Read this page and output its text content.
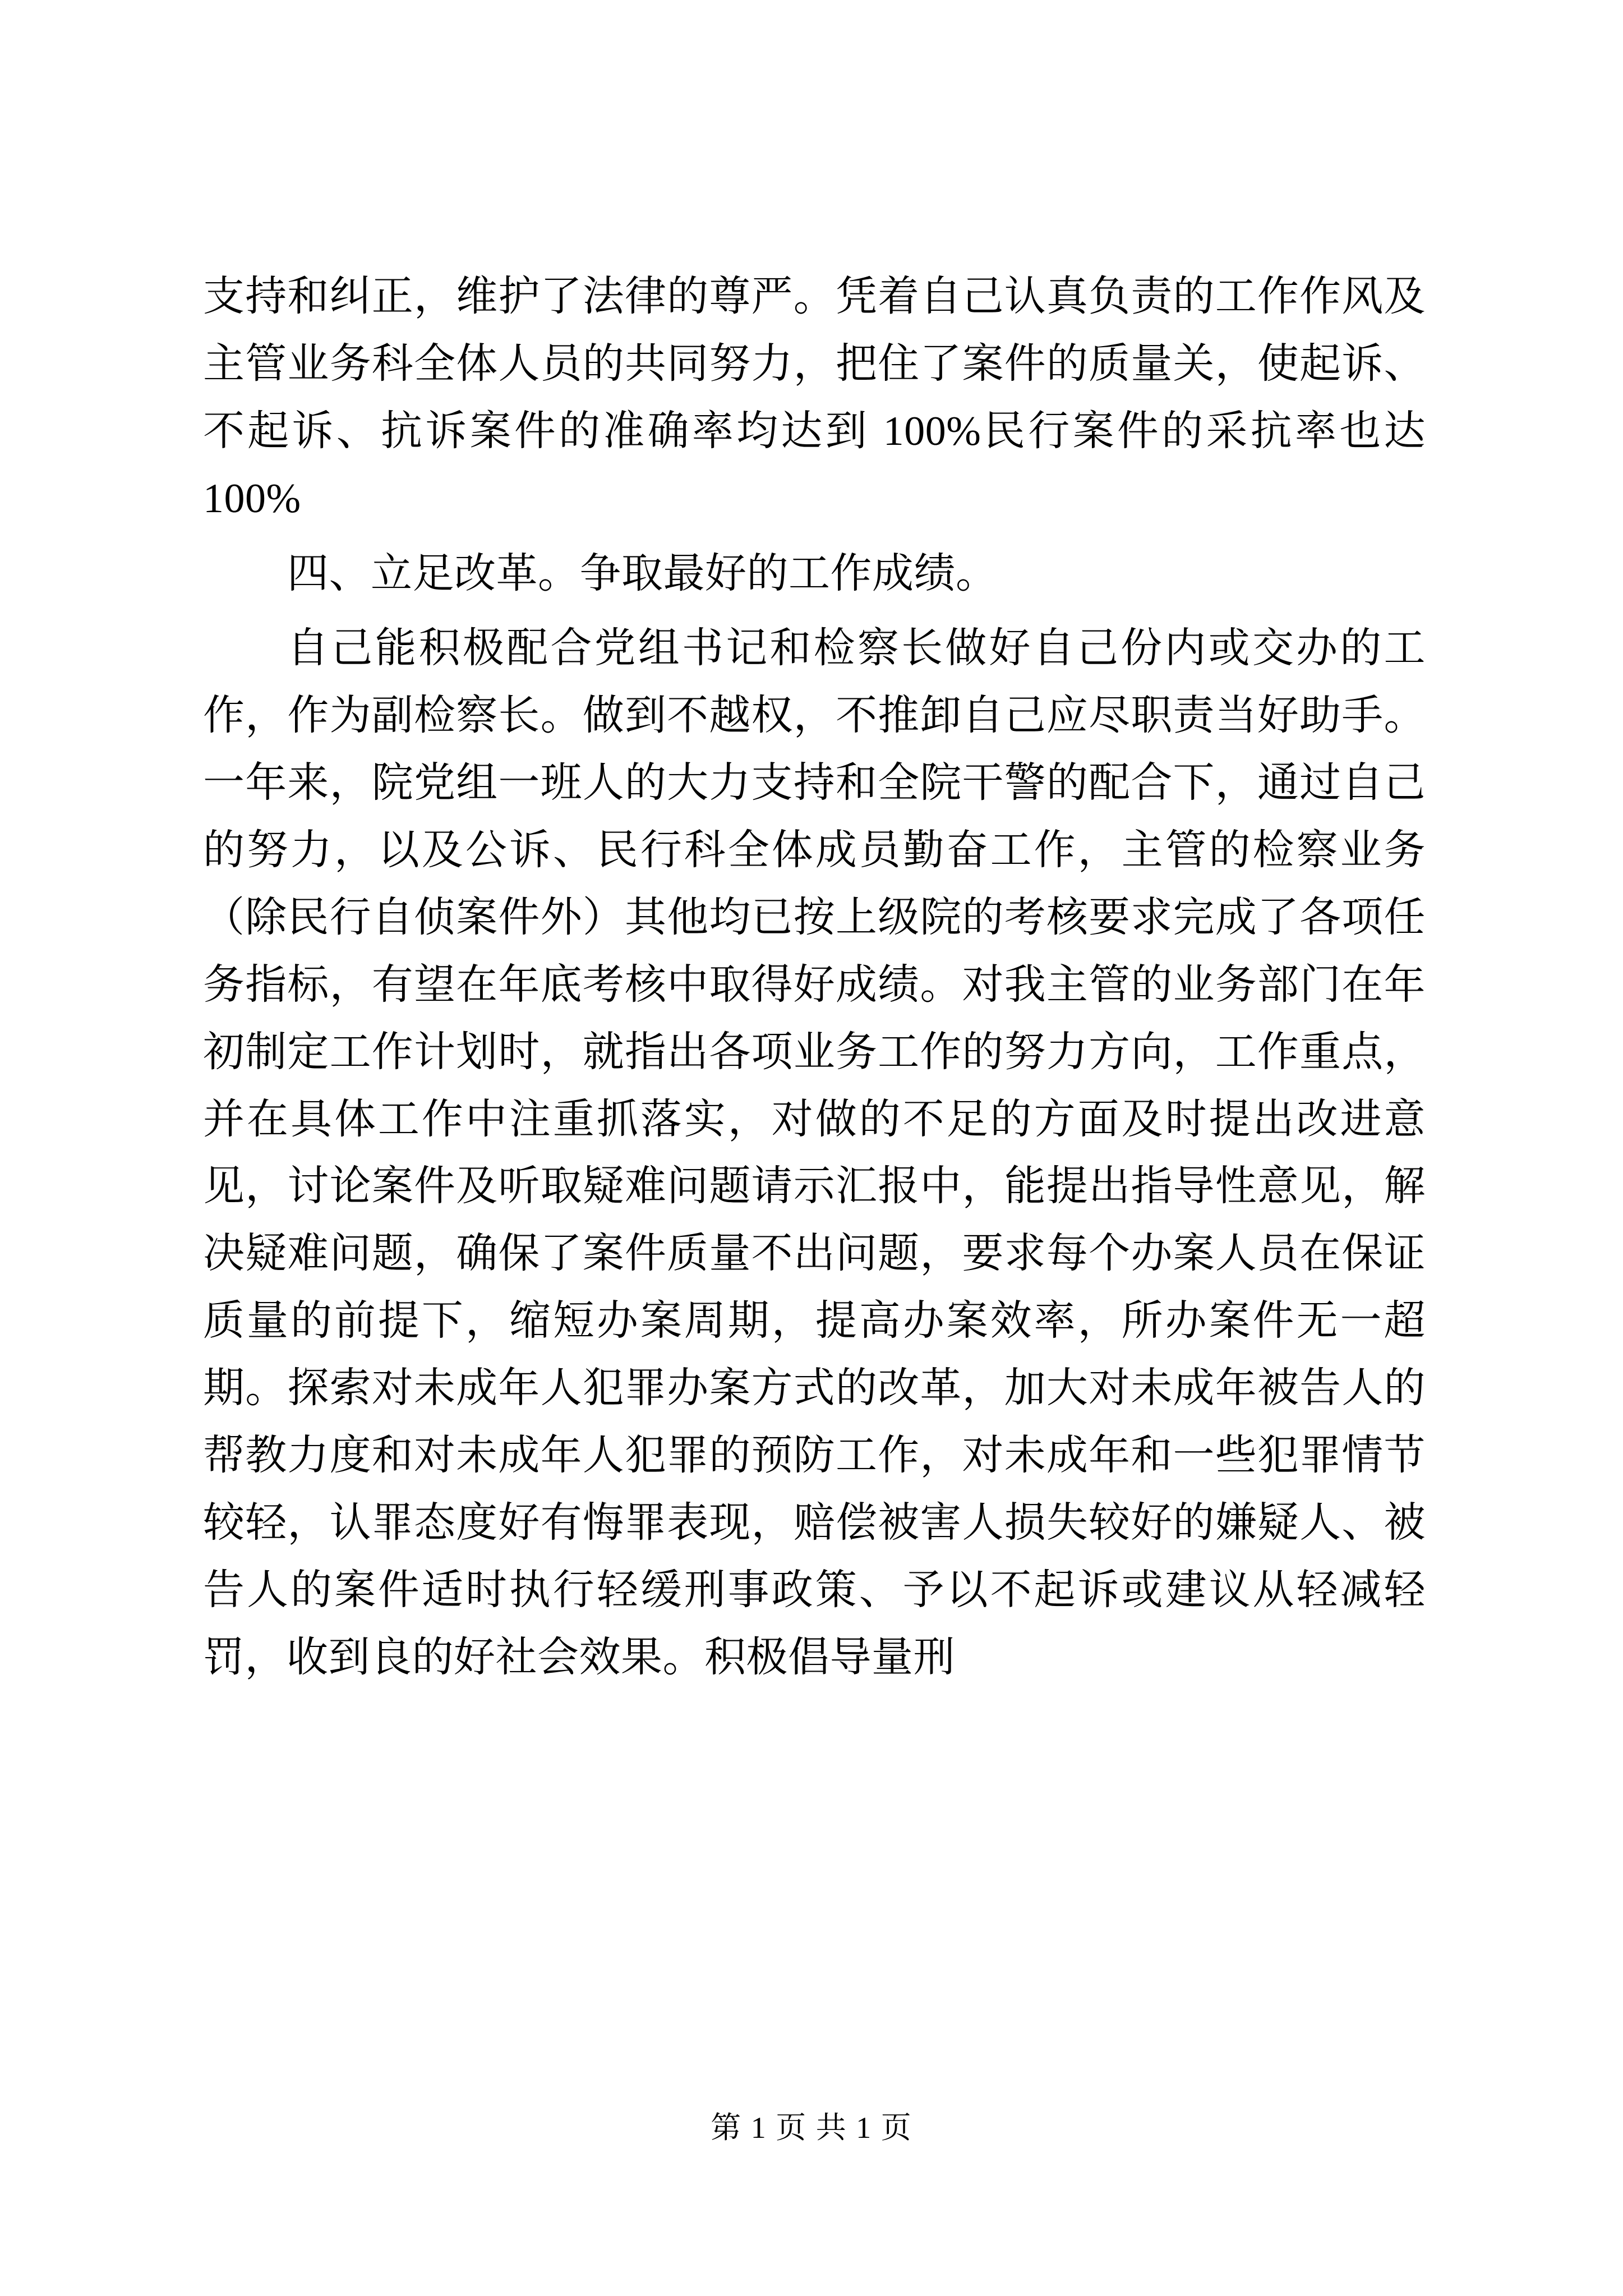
支持和纠正，维护了法律的尊严。凭着自己认真负责的工作作风及主管业务科全体人员的共同努力，把住了案件的质量关，使起诉、不起诉、抗诉案件的准确率均达到 100%民行案件的采抗率也达 100%

四、立足改革。争取最好的工作成绩。

自己能积极配合党组书记和检察长做好自己份内或交办的工作，作为副检察长。做到不越权，不推卸自己应尽职责当好助手。一年来，院党组一班人的大力支持和全院干警的配合下，通过自己的努力，以及公诉、民行科全体成员勤奋工作，主管的检察业务（除民行自侦案件外）其他均已按上级院的考核要求完成了各项任务指标，有望在年底考核中取得好成绩。对我主管的业务部门在年初制定工作计划时，就指出各项业务工作的努力方向，工作重点，并在具体工作中注重抓落实，对做的不足的方面及时提出改进意见，讨论案件及听取疑难问题请示汇报中，能提出指导性意见，解决疑难问题，确保了案件质量不出问题，要求每个办案人员在保证质量的前提下，缩短办案周期，提高办案效率，所办案件无一超期。探索对未成年人犯罪办案方式的改革，加大对未成年被告人的帮教力度和对未成年人犯罪的预防工作，对未成年和一些犯罪情节较轻，认罪态度好有悔罪表现，赔偿被害人损失较好的嫌疑人、被告人的案件适时执行轻缓刑事政策、予以不起诉或建议从轻减轻罚，收到良的好社会效果。积极倡导量刑

第 1 页 共 1 页
